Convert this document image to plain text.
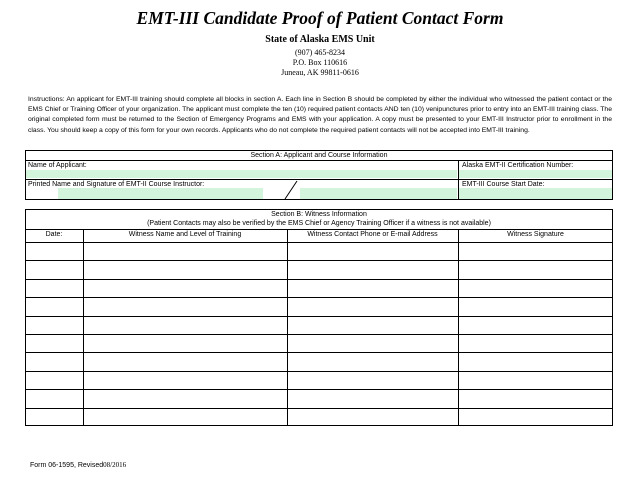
EMT-III Candidate Proof of Patient Contact Form
State of Alaska EMS Unit
(907) 465-8234
P.O. Box 110616
Juneau, AK 99811-0616
Instructions: An applicant for EMT-III training should complete all blocks in section A. Each line in Section B should be completed by either the individual who witnessed the patient contact or the EMS Chief or Training Officer of your organization. The applicant must complete the ten (10) required patient contacts AND ten (10) venipunctures prior to entry into an EMT-III training class. The original completed form must be returned to the Section of Emergency Programs and EMS with your application. A copy must be presented to your EMT-III Instructor prior to enrollment in the class. You should keep a copy of this form for your own records. Applicants who do not complete the required patient contacts will not be accepted into EMT-III training.
Section A: Applicant and Course Information
Name of Applicant:	Alaska EMT-II Certification Number:
Printed Name and Signature of EMT-II Course Instructor:	EMT-III Course Start Date:
Section B: Witness Information
(Patient Contacts may also be verified by the EMS Chief or Agency Training Officer if a witness is not available)
Date:	Witness Name and Level of Training	Witness Contact Phone or E-mail Address	Witness Signature
Form 06-1595, Revised08/2016
